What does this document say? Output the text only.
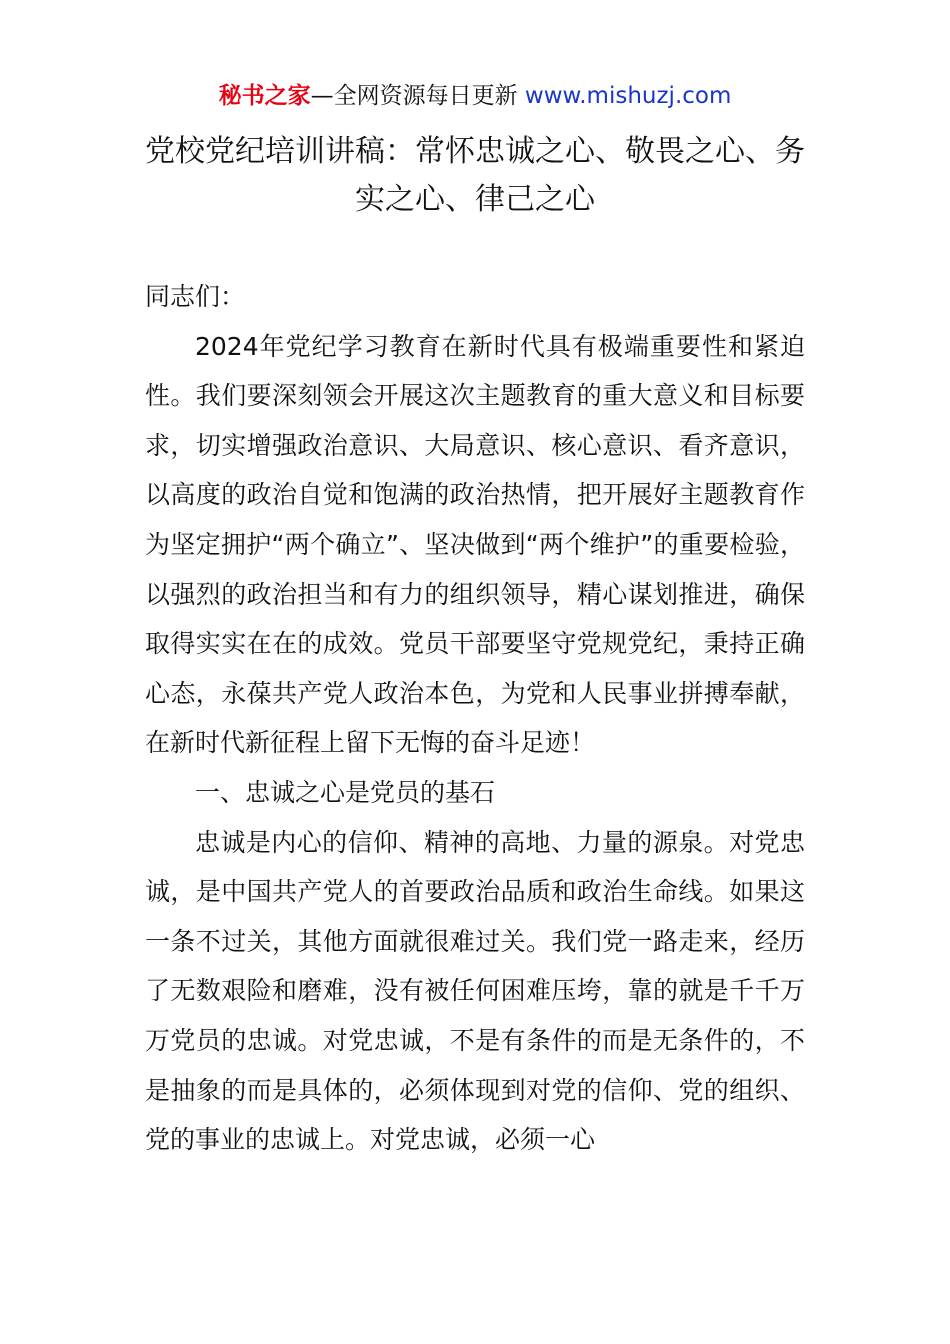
秘书之家—全网资源每日更新 www.mishuzj.com
党校党纪培训讲稿：常怀忠诚之心、敬畏之心、务实之心、律己之心

同志们：

2024年党纪学习教育在新时代具有极端重要性和紧迫性。我们要深刻领会开展这次主题教育的重大意义和目标要求，切实增强政治意识、大局意识、核心意识、看齐意识，以高度的政治自觉和饱满的政治热情，把开展好主题教育作为坚定拥护“两个确立”、坚决做到“两个维护”的重要检验，以强烈的政治担当和有力的组织领导，精心谋划推进，确保取得实实在在的成效。党员干部要坚守党规党纪，秉持正确心态，永葆共产党人政治本色，为党和人民事业拼搏奉献，在新时代新征程上留下无悔的奋斗足迹！

一、忠诚之心是党员的基石

忠诚是内心的信仰、精神的高地、力量的源泉。对党忠诚，是中国共产党人的首要政治品质和政治生命线。如果这一条不过关，其他方面就很难过关。我们党一路走来，经历了无数艰险和磨难，没有被任何困难压垮，靠的就是千千万万党员的忠诚。对党忠诚，不是有条件的而是无条件的，不是抽象的而是具体的，必须体现到对党的信仰、党的组织、党的事业的忠诚上。对党忠诚，必须一心
